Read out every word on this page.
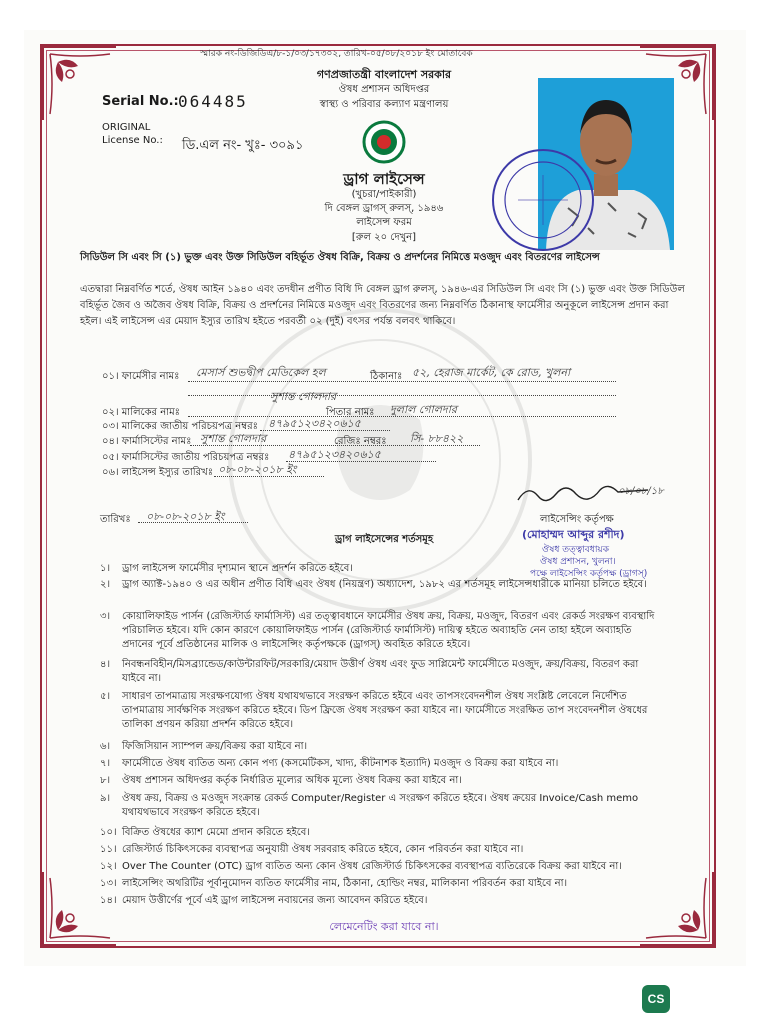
স্মারক নং-ডিজিডিএ/৮-১/০৩/১৭৩০২, তারিখ-০৫/০৮/২০১৮ ইং মোতাবেক
গণপ্রজাতন্ত্রী বাংলাদেশ সরকার
ঔষধ প্রশাসন অধিদপ্তর
স্বাস্থ্য ও পরিবার কল্যাণ মন্ত্রণালয়
Serial No.: 064485
ORIGINAL
License No.: ডি.এল নং- খুঃ- ৩০৯১
ড্রাগ লাইসেন্স
(খুচরা/পাইকারী)
দি বেঙ্গল ড্রাগস্‌ রুলস্‌, ১৯৪৬
লাইসেন্স ফরম
[রুল ২০ দেখুন]
সিডিউল সি এবং সি (১) ভুক্ত এবং উক্ত সিডিউল বহির্ভূত ঔষধ বিক্রি, বিক্রয় ও প্রদর্শনের নিমিত্তে মওজুদ এবং বিতরণের লাইসেন্স
এতদ্বারা নিম্নবর্ণিত শর্তে, ঔষধ আইন ১৯৪০ এবং তদধীন প্রণীত বিধি দি বেঙ্গল ড্রাগ রুলস্‌, ১৯৪৬-এর সিডিউল সি এবং সি (১) ভুক্ত এবং উক্ত সিডিউল বহির্ভূত জৈব ও অজৈব ঔষধ বিক্রি, বিক্রয় ও প্রদর্শনের নিমিত্তে মওজুদ এবং বিতরণের জন্য নিম্নবর্ণিত ঠিকানাস্থ ফার্মেসীর অনুকূলে লাইসেন্স প্রদান করা হইল। এই লাইসেন্স এর মেয়াদ ইস্যুর তারিখ হইতে পরবর্তী ০২ (দুই) বৎসর পর্যন্ত বলবৎ থাকিবে।
০১। ফার্মেসীর নামঃ মেসার্স শুভদ্বীপ মেডিকেল হল	ঠিকানাঃ ৫২, হেরাজ মার্কেট, কে রোড, খুলনা
০২। মালিকের নামঃ
সুশান্ত গোলদার
পিতার নামঃ দুলাল গোলদার
০৩। মালিকের জাতীয় পরিচয়পত্র নম্বরঃ ৪৭৯৫১২৩৪২০৬১৫
০৪। ফার্মাসিস্টের নামঃ সুশান্ত গোলদার	রেজিঃ নম্বরঃ সি- ৮৮৪২২
০৫। ফার্মাসিস্টের জাতীয় পরিচয়পত্র নম্বরঃ ৪৭৯৫১২৩৪২০৬১৫
০৬। লাইসেন্স ইস্যুর তারিখঃ ০৮-০৮-২০১৮ ইং
তারিখঃ ০৮-০৮-২০১৮ ইং
০৮/০৮/১৮
লাইসেন্সিং কর্তৃপক্ষ
(মোহাম্মদ আব্দুর রশীদ)
ঔষধ তত্ত্বাবধায়ক
ঔষধ প্রশাসন, খুলনা।
পক্ষে লাইসেন্সিং কর্তৃপক্ষ (ড্রাগস্‌)
ড্রাগ লাইসেন্সের শর্তসমূহ
১। ড্রাগ লাইসেন্স ফার্মেসীর দৃশ্যমান স্থানে প্রদর্শন করিতে হইবে।
২। ড্রাগ অ্যাক্ট-১৯৪০ ও এর অধীন প্রণীত বিধি এবং ঔষধ (নিয়ন্ত্রণ) অধ্যাদেশ, ১৯৮২ এর শর্তসমূহ লাইসেন্সধারীকে মানিয়া চলিতে হইবে।
৩। কোয়ালিফাইড পার্সন (রেজিস্টার্ড ফার্মাসিস্ট) এর তত্ত্বাবধানে ফার্মেসীর ঔষধ ক্রয়, বিক্রয়, মওজুদ, বিতরণ এবং রেকর্ড সংরক্ষণ ব্যবস্থাদি পরিচালিত হইবে। যদি কোন কারণে কোয়ালিফাইড পার্সন (রেজিস্টার্ড ফার্মাসিস্ট) দায়িত্ব হইতে অব্যাহতি নেন তাহা হইলে অব্যাহতি প্রদানের পূর্বে প্রতিষ্ঠানের মালিক ও লাইসেন্সিং কর্তৃপক্ষকে (ড্রাগস্‌) অবহিত করিতে হইবে।
৪। নিবন্ধনবিহীন/মিসব্র্যান্ডেড/কাউন্টারফিট/সরকারি/মেয়াদ উত্তীর্ণ ঔষধ এবং ফুড সাপ্লিমেন্ট ফার্মেসীতে মওজুদ, ক্রয়/বিক্রয়, বিতরণ করা যাইবে না।
৫। সাধারণ তাপমাত্রায় সংরক্ষণযোগ্য ঔষধ যথাযথভাবে সংরক্ষণ করিতে হইবে এবং তাপসংবেদনশীল ঔষধ সংশ্লিষ্ট লেবেলে নির্দেশিত তাপমাত্রায় সার্বক্ষণিক সংরক্ষণ করিতে হইবে। ডিপ ফ্রিজে ঔষধ সংরক্ষণ করা যাইবে না। ফার্মেসীতে সংরক্ষিত তাপ সংবেদনশীল ঔষধের তালিকা প্রণয়ন করিয়া প্রদর্শন করিতে হইবে।
৬। ফিজিসিয়ান স্যাম্পল ক্রয়/বিক্রয় করা যাইবে না।
৭। ফার্মেসীতে ঔষধ ব্যতিত অন্য কোন পণ্য (কসমেটিকস, খাদ্য, কীটনাশক ইত্যাদি) মওজুদ ও বিক্রয় করা যাইবে না।
৮। ঔষধ প্রশাসন অধিদপ্তর কর্তৃক নির্ধারিত মূল্যের অধিক মূল্যে ঔষধ বিক্রয় করা যাইবে না।
৯। ঔষধ ক্রয়, বিক্রয় ও মওজুদ সংক্রান্ত রেকর্ড Computer/Register এ সংরক্ষণ করিতে হইবে। ঔষধ ক্রয়ের Invoice/Cash memo যথাযথভাবে সংরক্ষণ করিতে হইবে।
১০। বিক্রিত ঔষধের ক্যাশ মেমো প্রদান করিতে হইবে।
১১। রেজিস্টার্ড চিকিৎসকের ব্যবস্থাপত্র অনুযায়ী ঔষধ সরবরাহ করিতে হইবে, কোন পরিবর্তন করা যাইবে না।
১২। Over The Counter (OTC) ড্রাগ ব্যতিত অন্য কোন ঔষধ রেজিস্টার্ড চিকিৎসকের ব্যবস্থাপত্র ব্যতিরেকে বিক্রয় করা যাইবে না।
১৩। লাইসেন্সিং অথরিটির পূর্বানুমোদন ব্যতিত ফার্মেসীর নাম, ঠিকানা, হোল্ডিং নম্বর, মালিকানা পরিবর্তন করা যাইবে না।
১৪। মেয়াদ উত্তীর্ণের পূর্বে এই ড্রাগ লাইসেন্স নবায়নের জন্য আবেদন করিতে হইবে।
লেমেনেটিং করা যাবে না।
CS
